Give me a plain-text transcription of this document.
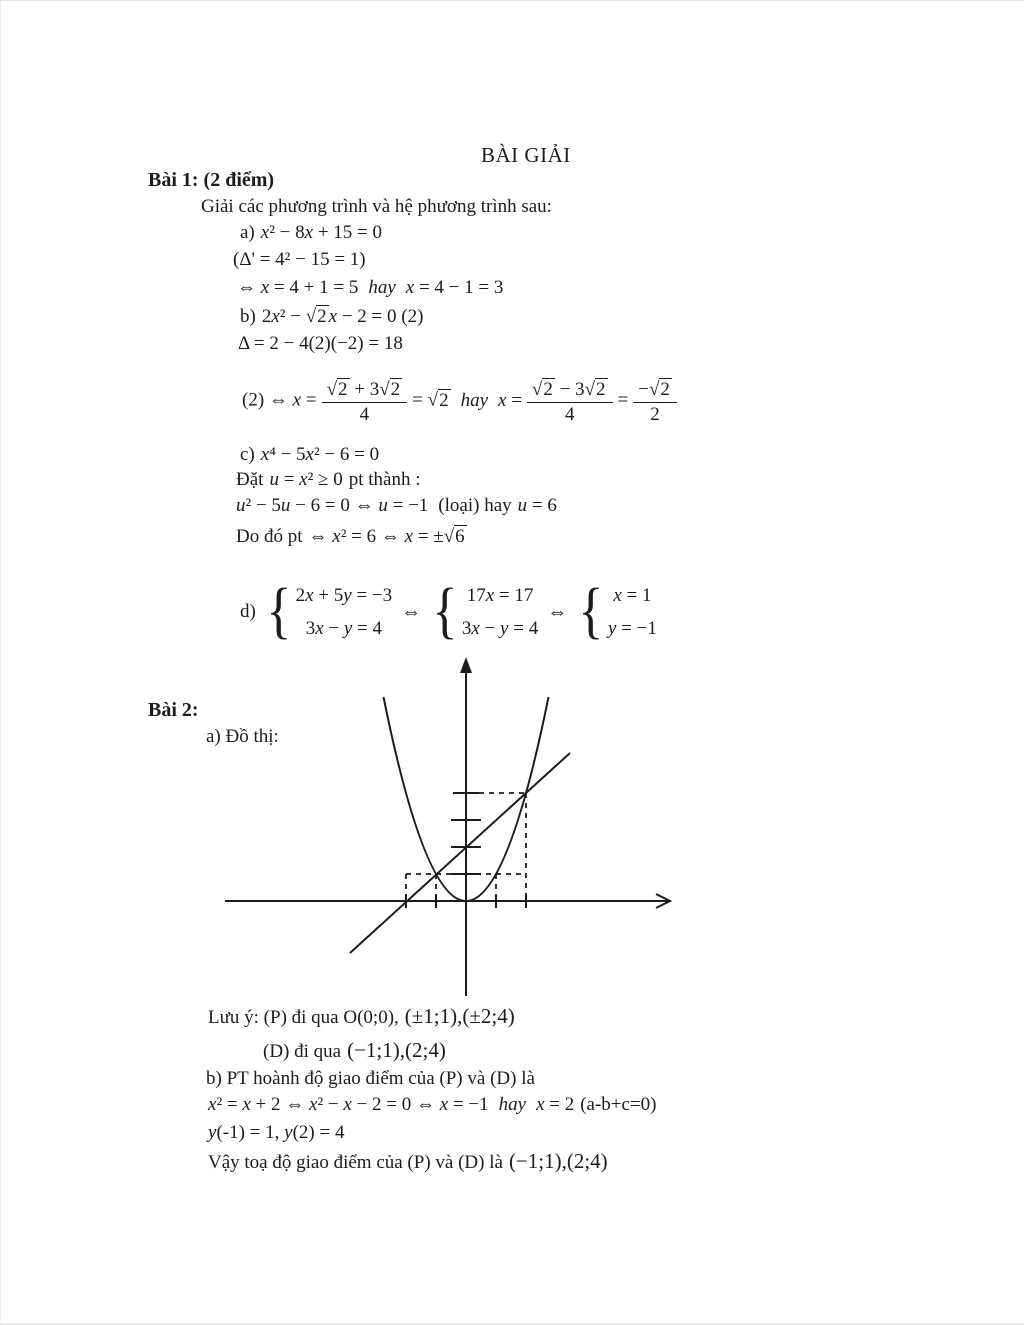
BÀI GIẢI
Bài 1: (2 điểm)
Giải các phương trình và hệ phương trình sau:
a) x² − 8x + 15 = 0
(Δ' = 4² − 15 = 1)
⇔ x = 4 + 1 = 5 hay x = 4 − 1 = 3
b) 2x² − √2 x − 2 = 0 (2)
Δ = 2 − 4(2)(−2) = 18
(2) ⇔ $x = \frac{√2 + 3√2}{4} = √2$ hay $x = \frac{√2 - 3√2}{4} = \frac{-√2}{2}$
c) x⁴ − 5x² − 6 = 0
Đặt u = x² ≥ 0 pt thành :
u² − 5u − 6 = 0 ⇔ u = −1 (loại) hay u = 6
Do đó pt ⇔ x² = 6 ⇔ x = ±√6
d) { 2x + 5y = −3
3x − y = 4
⇔ { 17x = 17
3x − y = 4
⇔ { x = 1
y = −1
Bài 2:
a) Đồ thị:
Lưu ý: (P) đi qua O(0;0), (±1;1),(±2;4)
(D) đi qua (−1;1),(2;4)
b) PT hoành độ giao điểm của (P) và (D) là
x² = x + 2 ⇔ x² − x − 2 = 0 ⇔ x = −1 hay x = 2 (a-b+c=0)
y(-1) = 1, y(2) = 4
Vậy toạ độ giao điểm của (P) và (D) là (−1;1),(2;4)
